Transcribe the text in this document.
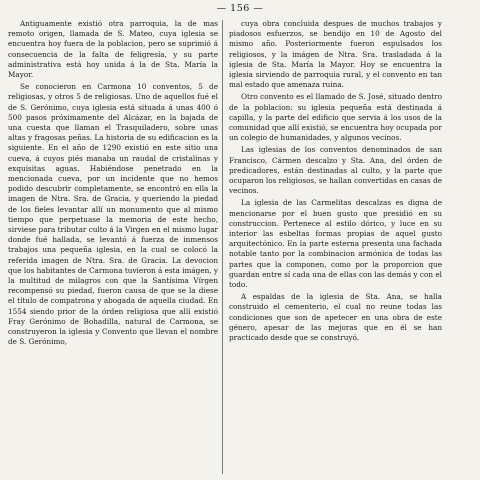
— 156 —

Antiguamente existió otra parroquia, la de mas remoto origen, llamada de S. Mateo, cuya iglesia se encuentra hoy fuera de la poblacion, pero se suprimió á consecuencia de la falta de feligresía, y su parte administrativa está hoy unida á la de Sta. María la Mayor.

Se conocieron en Carmona 10 conventos, 5 de religiosas, y otros 5 de religiosas. Uno de aquellos fué el de S. Gerónimo, cuya iglesia está situada á unas 400 ó 500 pasos próximamente del Alcázar, en la bajada de una cuesta que llaman el Trasquiladero, sobre unas altas y fragosas peñas. La historia de su edificacion es la siguiente. En el año de 1290 existió en este sitio una cueva, á cuyos piés manaba un raudal de cristalinas y exquisitas aguas. Habiéndose penetrado en la mencionada cueva, por un incidente que no hemos podido descubrir completamente, se encontró en ella la imagen de Ntra. Sra. de Gracia, y queriendo la piedad de los fieles levantar allí un monumento que al mismo tiempo que perpetuase la memoria de este hecho, sirviese para tributar culto á la Virgen en el mismo lugar donde fué hallada, se levantó á fuerza de inmensos trabajos una pequeña iglesia, en la cual se colocó la referida imagen de Ntra. Sra. de Gracia. La devocion que los habitantes de Carmona tuvieron á esta imágen, y la multitud de milagros con que la Santísima Vírgen recompensó su piedad, fueron causa de que se la diese el título de compatrona y abogada de aquella ciudad. En 1554 siendo prior de la órden religiosa que allí existió Fray Gerónimo de Bohadilla, natural de Carmona, se construyeron la iglesia y Convento que llevan el nombre de S. Gerónimo,

cuya obra concluida despues de muchos trabajos y piadosos esfuerzos, se bendijo en 10 de Agosto del mismo año. Posteriormente fueron espulsados los religiosos, y la imágen de Ntra. Sra. trasladada á la iglesia de Sta. María la Mayor. Hoy se encuentra la iglesia sirviendo de parroquia rural, y el convento en tan mal estado que amenaza ruina.

Otro convento es el llamado de S. José, situado dentro de la poblacion: su iglesia pequeña está destinada á capilla, y la parte del edificio que servia á los usos de la comunidad que allí existió, se encuentra hoy ocupada por un colegio de humanidades, y algunos vecinos.

Las iglesias de los conventos denominados de san Francisco, Cármen descalzo y Sta. Ana, del órden de predicadores, están destinadas al culto, y la parte que ocuparon los religiosos, se hallan convertidas en casas de vecinos.

La iglesia de las Carmelitas descalzas es digna de mencionarse por el buen gusto que presidió en su construccion. Pertenece al estilo dórico, y luce en su interior las esbeltas formas propias de aquel gusto arquitectónico. En la parte esterna presenta una fachada notable tanto por la combinacion armónica de todas las partes que la componen, como por la proporcion que guardan entre sí cada una de ellas con las demás y con el todo.

A espaldas de la iglesia de Sta. Ana, se halla construido el cementerio, el cual no reune todas las condiciones que son de apetecer en una obra de este género, apesar de las mejoras que en él se han practicado desde que se construyó.
